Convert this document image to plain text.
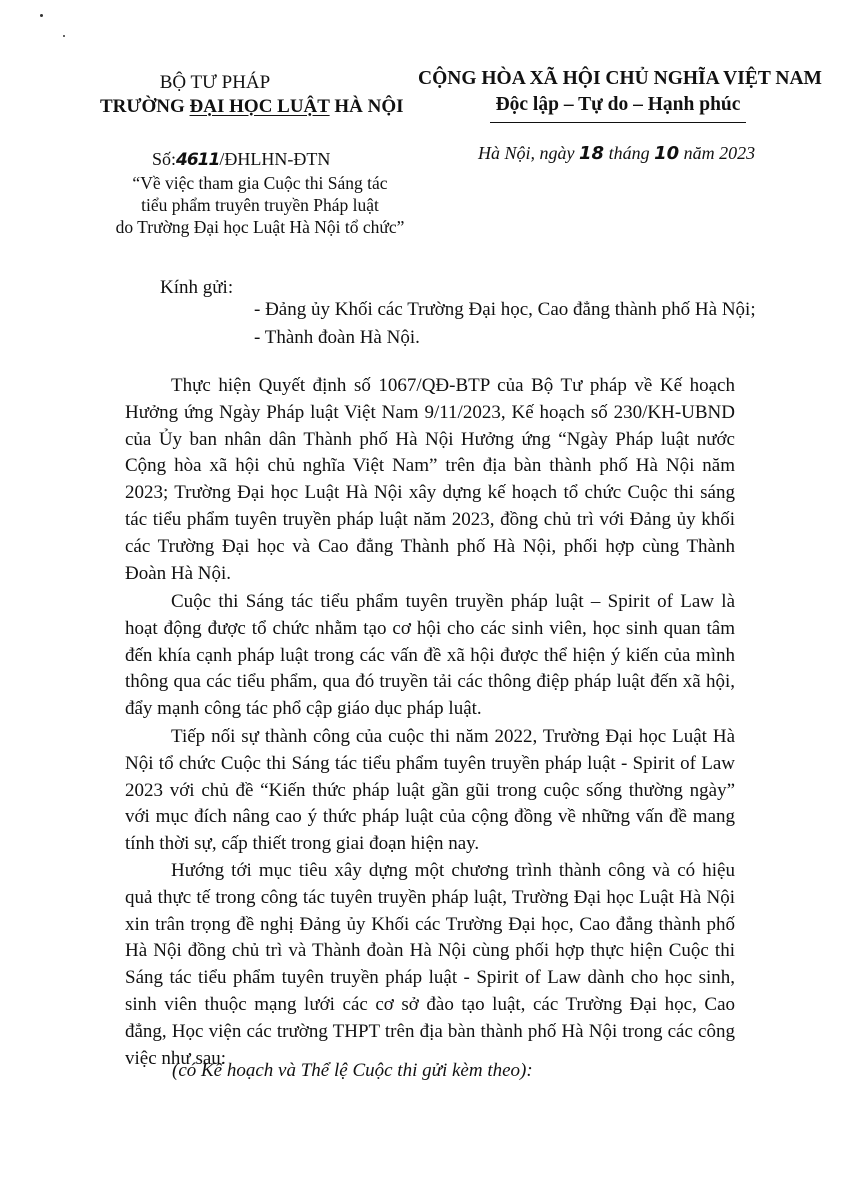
BỘ TƯ PHÁP
TRƯỜNG ĐẠI HỌC LUẬT HÀ NỘI
CỘNG HÒA XÃ HỘI CHỦ NGHĨA VIỆT NAM
Độc lập – Tự do – Hạnh phúc
Số:4611/ĐHLHN-ĐTN	Hà Nội, ngày 18 tháng 10 năm 2023
“Về việc tham gia Cuộc thi Sáng tác
tiểu phẩm truyên truyền Pháp luật
do Trường Đại học Luật Hà Nội tổ chức”
Kính gửi:
- Đảng ủy Khối các Trường Đại học, Cao đẳng thành phố Hà Nội;
- Thành đoàn Hà Nội.

Thực hiện Quyết định số 1067/QĐ-BTP của Bộ Tư pháp về Kế hoạch Hưởng ứng Ngày Pháp luật Việt Nam 9/11/2023, Kế hoạch số 230/KH-UBND của Ủy ban nhân dân Thành phố Hà Nội Hưởng ứng “Ngày Pháp luật nước Cộng hòa xã hội chủ nghĩa Việt Nam” trên địa bàn thành phố Hà Nội năm 2023; Trường Đại học Luật Hà Nội xây dựng kế hoạch tổ chức Cuộc thi sáng tác tiểu phẩm tuyên truyền pháp luật năm 2023, đồng chủ trì với Đảng ủy khối các Trường Đại học và Cao đẳng Thành phố Hà Nội, phối hợp cùng Thành Đoàn Hà Nội.

Cuộc thi Sáng tác tiểu phẩm tuyên truyền pháp luật – Spirit of Law là hoạt động được tổ chức nhằm tạo cơ hội cho các sinh viên, học sinh quan tâm đến khía cạnh pháp luật trong các vấn đề xã hội được thể hiện ý kiến của mình thông qua các tiểu phẩm, qua đó truyền tải các thông điệp pháp luật đến xã hội, đẩy mạnh công tác phổ cập giáo dục pháp luật.

Tiếp nối sự thành công của cuộc thi năm 2022, Trường Đại học Luật Hà Nội tổ chức Cuộc thi Sáng tác tiểu phẩm tuyên truyền pháp luật - Spirit of Law 2023 với chủ đề “Kiến thức pháp luật gần gũi trong cuộc sống thường ngày” với mục đích nâng cao ý thức pháp luật của cộng đồng về những vấn đề mang tính thời sự, cấp thiết trong giai đoạn hiện nay.

Hướng tới mục tiêu xây dựng một chương trình thành công và có hiệu quả thực tế trong công tác tuyên truyền pháp luật, Trường Đại học Luật Hà Nội xin trân trọng đề nghị Đảng ủy Khối các Trường Đại học, Cao đẳng thành phố Hà Nội đồng chủ trì và Thành đoàn Hà Nội cùng phối hợp thực hiện Cuộc thi Sáng tác tiểu phẩm tuyên truyền pháp luật - Spirit of Law dành cho học sinh, sinh viên thuộc mạng lưới các cơ sở đào tạo luật, các Trường Đại học, Cao đẳng, Học viện các trường THPT trên địa bàn thành phố Hà Nội trong các công việc như sau:

(có Kế hoạch và Thể lệ Cuộc thi gửi kèm theo):
